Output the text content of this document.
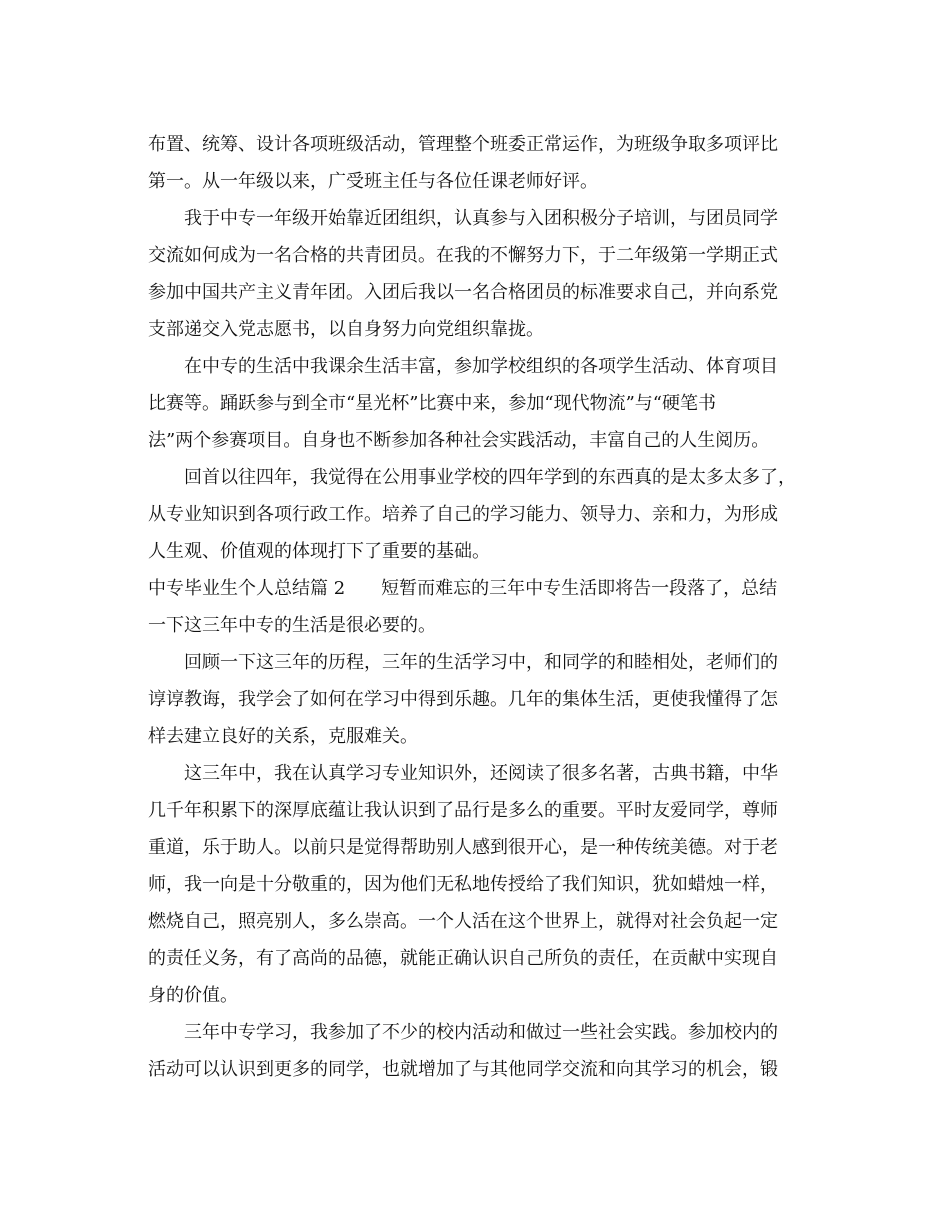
布置、统筹、设计各项班级活动，管理整个班委正常运作，为班级争取多项评比
第一。从一年级以来，广受班主任与各位任课老师好评。
我于中专一年级开始靠近团组织，认真参与入团积极分子培训，与团员同学
交流如何成为一名合格的共青团员。在我的不懈努力下，于二年级第一学期正式
参加中国共产主义青年团。入团后我以一名合格团员的标准要求自己，并向系党
支部递交入党志愿书，以自身努力向党组织靠拢。
在中专的生活中我课余生活丰富，参加学校组织的各项学生活动、体育项目
比赛等。踊跃参与到全市“星光杯”比赛中来，参加“现代物流”与“硬笔书
法”两个参赛项目。自身也不断参加各种社会实践活动，丰富自己的人生阅历。
回首以往四年，我觉得在公用事业学校的四年学到的东西真的是太多太多了，
从专业知识到各项行政工作。培养了自己的学习能力、领导力、亲和力，为形成
人生观、价值观的体现打下了重要的基础。
中专毕业生个人总结篇 2　　短暂而难忘的三年中专生活即将告一段落了，总结
一下这三年中专的生活是很必要的。
回顾一下这三年的历程，三年的生活学习中，和同学的和睦相处，老师们的
谆谆教诲，我学会了如何在学习中得到乐趣。几年的集体生活，更使我懂得了怎
样去建立良好的关系，克服难关。
这三年中，我在认真学习专业知识外，还阅读了很多名著，古典书籍，中华
几千年积累下的深厚底蕴让我认识到了品行是多么的重要。平时友爱同学，尊师
重道，乐于助人。以前只是觉得帮助别人感到很开心，是一种传统美德。对于老
师，我一向是十分敬重的，因为他们无私地传授给了我们知识，犹如蜡烛一样，
燃烧自己，照亮别人，多么崇高。一个人活在这个世界上，就得对社会负起一定
的责任义务，有了高尚的品德，就能正确认识自己所负的责任，在贡献中实现自
身的价值。
三年中专学习，我参加了不少的校内活动和做过一些社会实践。参加校内的
活动可以认识到更多的同学，也就增加了与其他同学交流和向其学习的机会，锻
